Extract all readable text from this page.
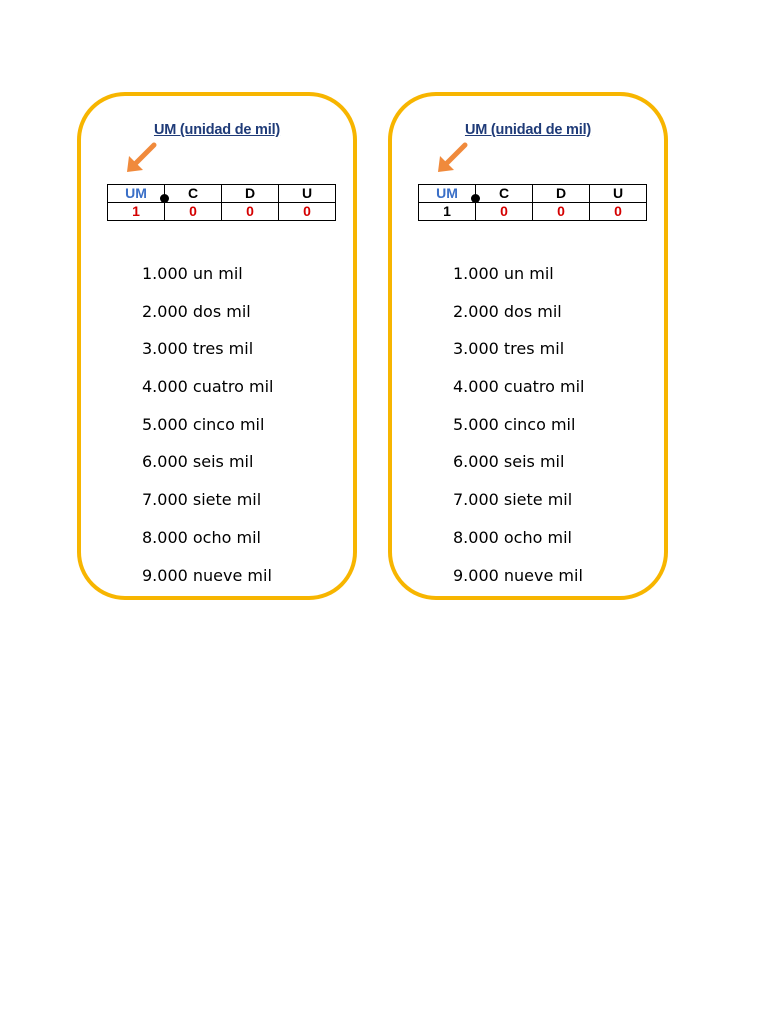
UM (unidad de mil)
UM	C	D	U
1	0	0	0
1.000 un mil
2.000 dos mil
3.000 tres mil
4.000 cuatro mil
5.000 cinco mil
6.000 seis mil
7.000 siete mil
8.000 ocho mil
9.000 nueve mil
UM (unidad de mil)
UM	C	D	U
1	0	0	0
1.000 un mil
2.000 dos mil
3.000 tres mil
4.000 cuatro mil
5.000 cinco mil
6.000 seis mil
7.000 siete mil
8.000 ocho mil
9.000 nueve mil
